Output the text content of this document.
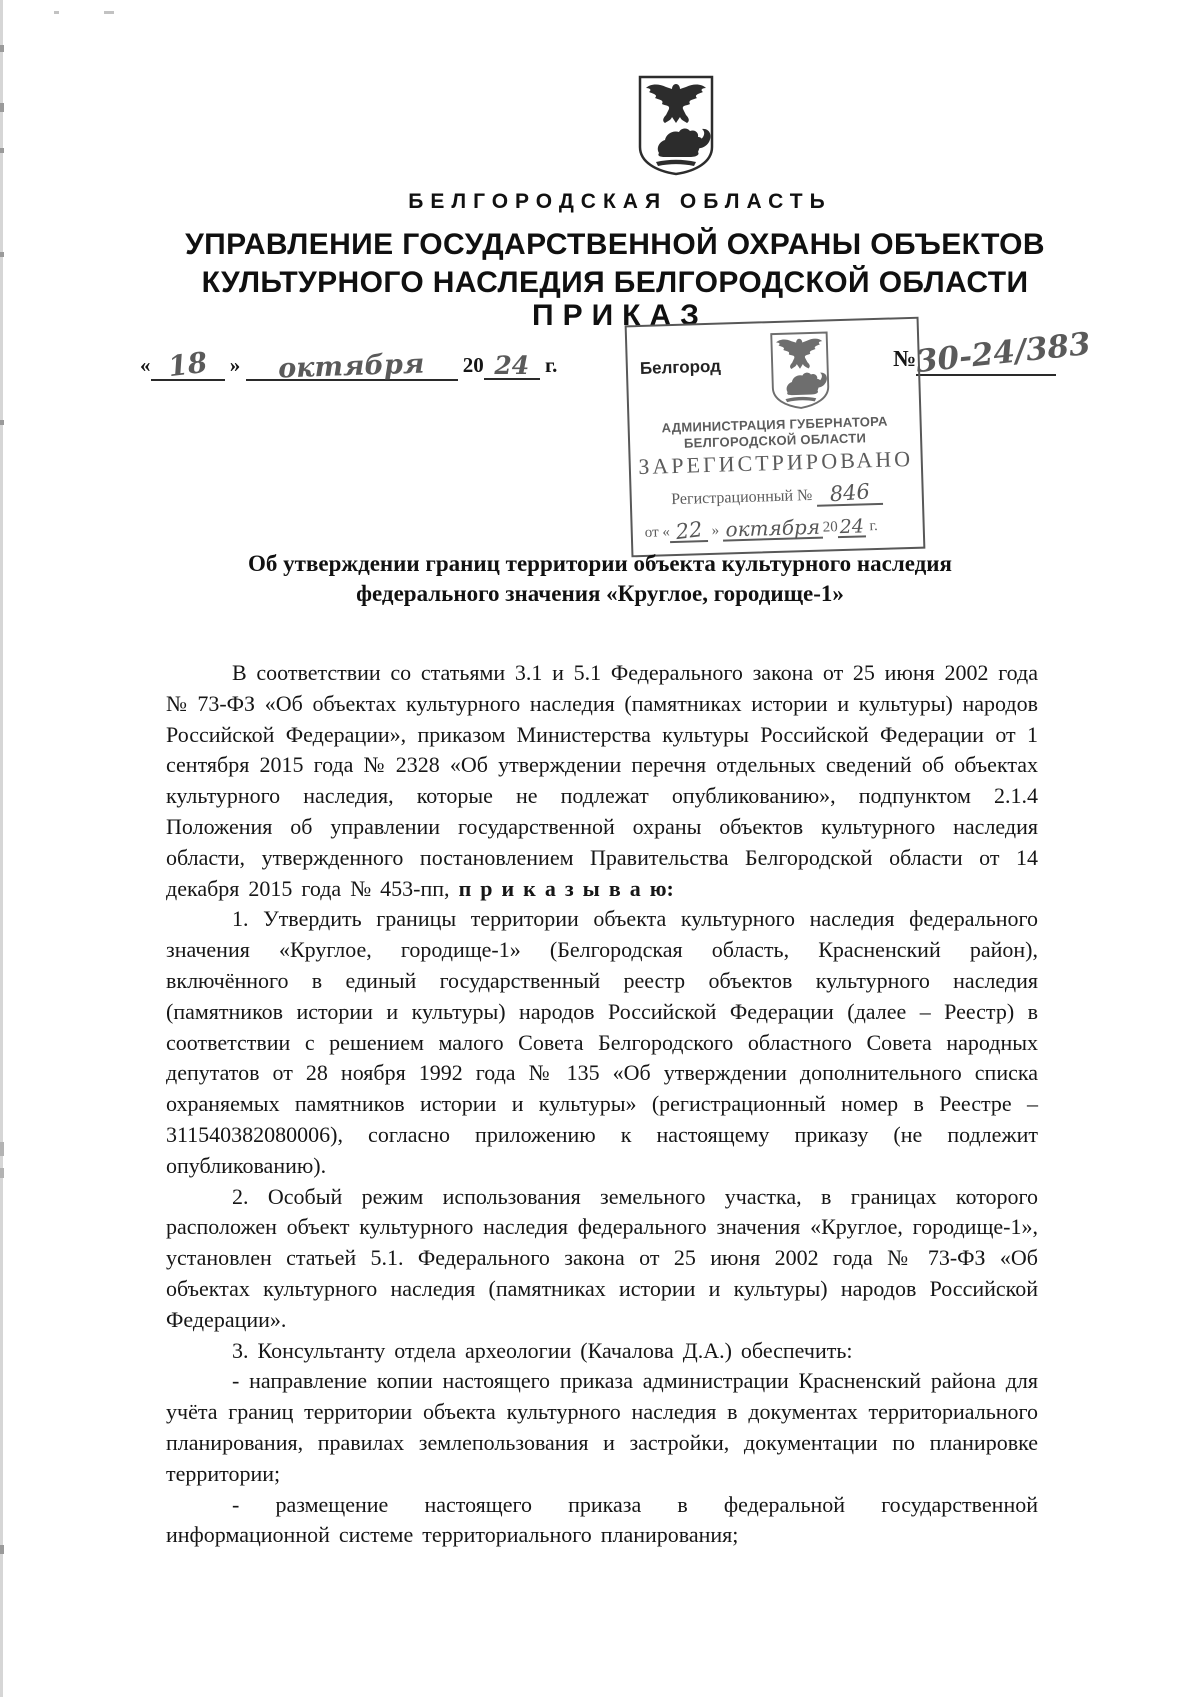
БЕЛГОРОДСКАЯ ОБЛАСТЬ
УПРАВЛЕНИЕ ГОСУДАРСТВЕННОЙ ОХРАНЫ ОБЪЕКТОВ
КУЛЬТУРНОГО НАСЛЕДИЯ БЕЛГОРОДСКОЙ ОБЛАСТИ
ПРИКАЗ
« 18 » октября 20 24 г.	№30-24/383
Белгород
АДМИНИСТРАЦИЯ ГУБЕРНАТОРА
БЕЛГОРОДСКОЙ ОБЛАСТИ
ЗАРЕГИСТРИРОВАНО
Регистрационный № 846
от « 22 » октября 2024 г.
Об утверждении границ территории объекта культурного наследия
федерального значения «Круглое, городище-1»

В соответствии со статьями 3.1 и 5.1 Федерального закона от 25 июня 2002 года № 73-ФЗ «Об объектах культурного наследия (памятниках истории и культуры) народов Российской Федерации», приказом Министерства культуры Российской Федерации от 1 сентября 2015 года № 2328 «Об утверждении перечня отдельных сведений об объектах культурного наследия, которые не подлежат опубликованию», подпунктом 2.1.4 Положения об управлении государственной охраны объектов культурного наследия области, утвержденного постановлением Правительства Белгородской области от 14 декабря 2015 года № 453-пп, п р и к а з ы в а ю:

1. Утвердить границы территории объекта культурного наследия федерального значения «Круглое, городище-1» (Белгородская область, Красненский район), включённого в единый государственный реестр объектов культурного наследия (памятников истории и культуры) народов Российской Федерации (далее – Реестр) в соответствии с решением малого Совета Белгородского областного Совета народных депутатов от 28 ноября 1992 года № 135 «Об утверждении дополнительного списка охраняемых памятников истории и культуры» (регистрационный номер в Реестре – 311540382080006), согласно приложению к настоящему приказу (не подлежит опубликованию).

2. Особый режим использования земельного участка, в границах которого расположен объект культурного наследия федерального значения «Круглое, городище-1», установлен статьей 5.1. Федерального закона от 25 июня 2002 года № 73-ФЗ «Об объектах культурного наследия (памятниках истории и культуры) народов Российской Федерации».

3. Консультанту отдела археологии (Качалова Д.А.) обеспечить:

- направление копии настоящего приказа администрации Красненский района для учёта границ территории объекта культурного наследия в документах территориального планирования, правилах землепользования и застройки, документации по планировке территории;

- размещение настоящего приказа в федеральной государственной информационной системе территориального планирования;
